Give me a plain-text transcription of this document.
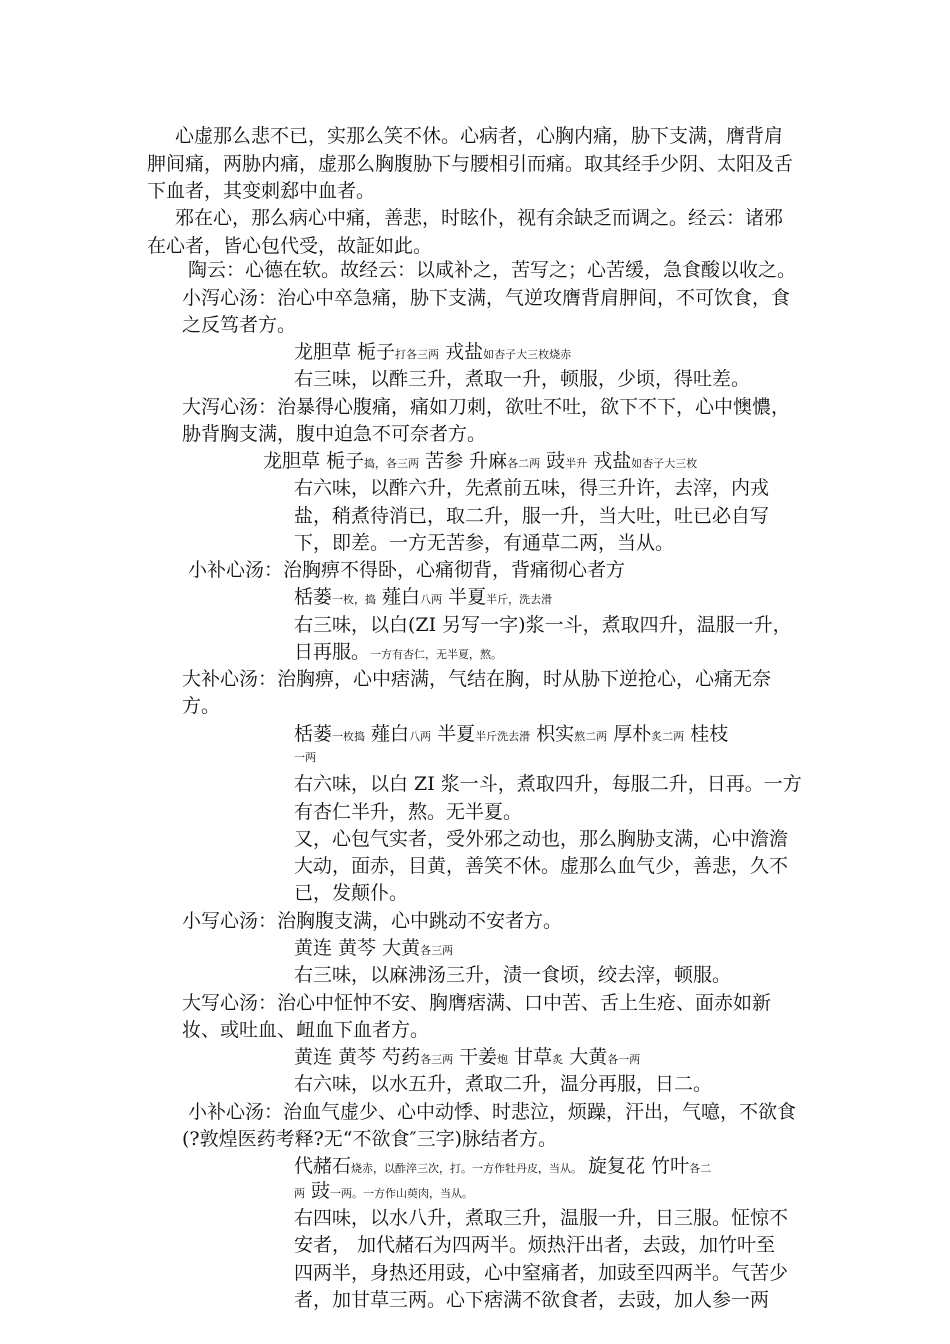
心虚那么悲不已，实那么笑不休。心病者，心胸内痛，胁下支满，膺背肩
胛间痛，两胁内痛，虚那么胸腹胁下与腰相引而痛。取其经手少阴、太阳及舌
下血者，其变刺郄中血者。
邪在心，那么病心中痛，善悲，时眩仆，视有余缺乏而调之。经云：诸邪
在心者，皆心包代受，故証如此。
陶云：心德在软。故经云：以咸补之，苦写之；心苦缓，急食酸以收之。
小泻心汤：治心中卒急痛，胁下支满，气逆攻膺背肩胛间，不可饮食，食
之反笃者方。
龙胆草 栀子打各三两 戎盐如杏子大三枚烧赤
右三味，以酢三升，煮取一升，顿服，少顷，得吐差。
大泻心汤：治暴得心腹痛，痛如刀刺，欲吐不吐，欲下不下，心中懊憹，
胁背胸支满，腹中迫急不可奈者方。
龙胆草 栀子捣，各三两 苦参 升麻各二两 豉半升 戎盐如杏子大三枚
右六味，以酢六升，先煮前五味，得三升许，去滓，内戎
盐，稍煮待消已，取二升，服一升，当大吐，吐已必自写
下，即差。一方无苦参，有通草二两，当从。
小补心汤：治胸痹不得卧，心痛彻背，背痛彻心者方
栝蒌一枚，捣 薤白八两 半夏半斤，洗去滑
右三味，以白(ZI 另写一字)浆一斗，煮取四升，温服一升，
日再服。一方有杏仁，无半夏，熬。
大补心汤：治胸痹，心中痞满，气结在胸，时从胁下逆抢心，心痛无奈
方。
栝蒌一枚捣 薤白八两 半夏半斤洗去滑 枳实熬二两 厚朴炙二两 桂枝
一两
右六味，以白 ZI 浆一斗，煮取四升，每服二升，日再。一方
有杏仁半升，熬。无半夏。
又，心包气实者，受外邪之动也，那么胸胁支满，心中澹澹
大动，面赤，目黄，善笑不休。虚那么血气少，善悲，久不
已，发颠仆。
小写心汤：治胸腹支满，心中跳动不安者方。
黄连 黄芩 大黄各三两
右三味，以麻沸汤三升，渍一食顷，绞去滓，顿服。
大写心汤：治心中怔忡不安、胸膺痞满、口中苦、舌上生疮、面赤如新
妆、或吐血、衄血下血者方。
黄连 黄芩 芍药各三两 干姜炮 甘草炙 大黄各一两
右六味，以水五升，煮取二升，温分再服，日二。
小补心汤：治血气虚少、心中动悸、时悲泣，烦躁，汗出，气噫，不欲食
(?敦煌医药考释?无“不欲食″三字)脉结者方。
代赭石烧赤，以酢淬三次，打。一方作牡丹皮，当从。 旋复花 竹叶各二
两 豉一两。一方作山萸肉，当从。
右四味，以水八升，煮取三升，温服一升，日三服。怔惊不
安者， 加代赭石为四两半。烦热汗出者，去豉，加竹叶至
四两半，身热还用豉，心中窒痛者，加豉至四两半。气苦少
者，加甘草三两。心下痞满不欲食者，去豉，加人参一两
